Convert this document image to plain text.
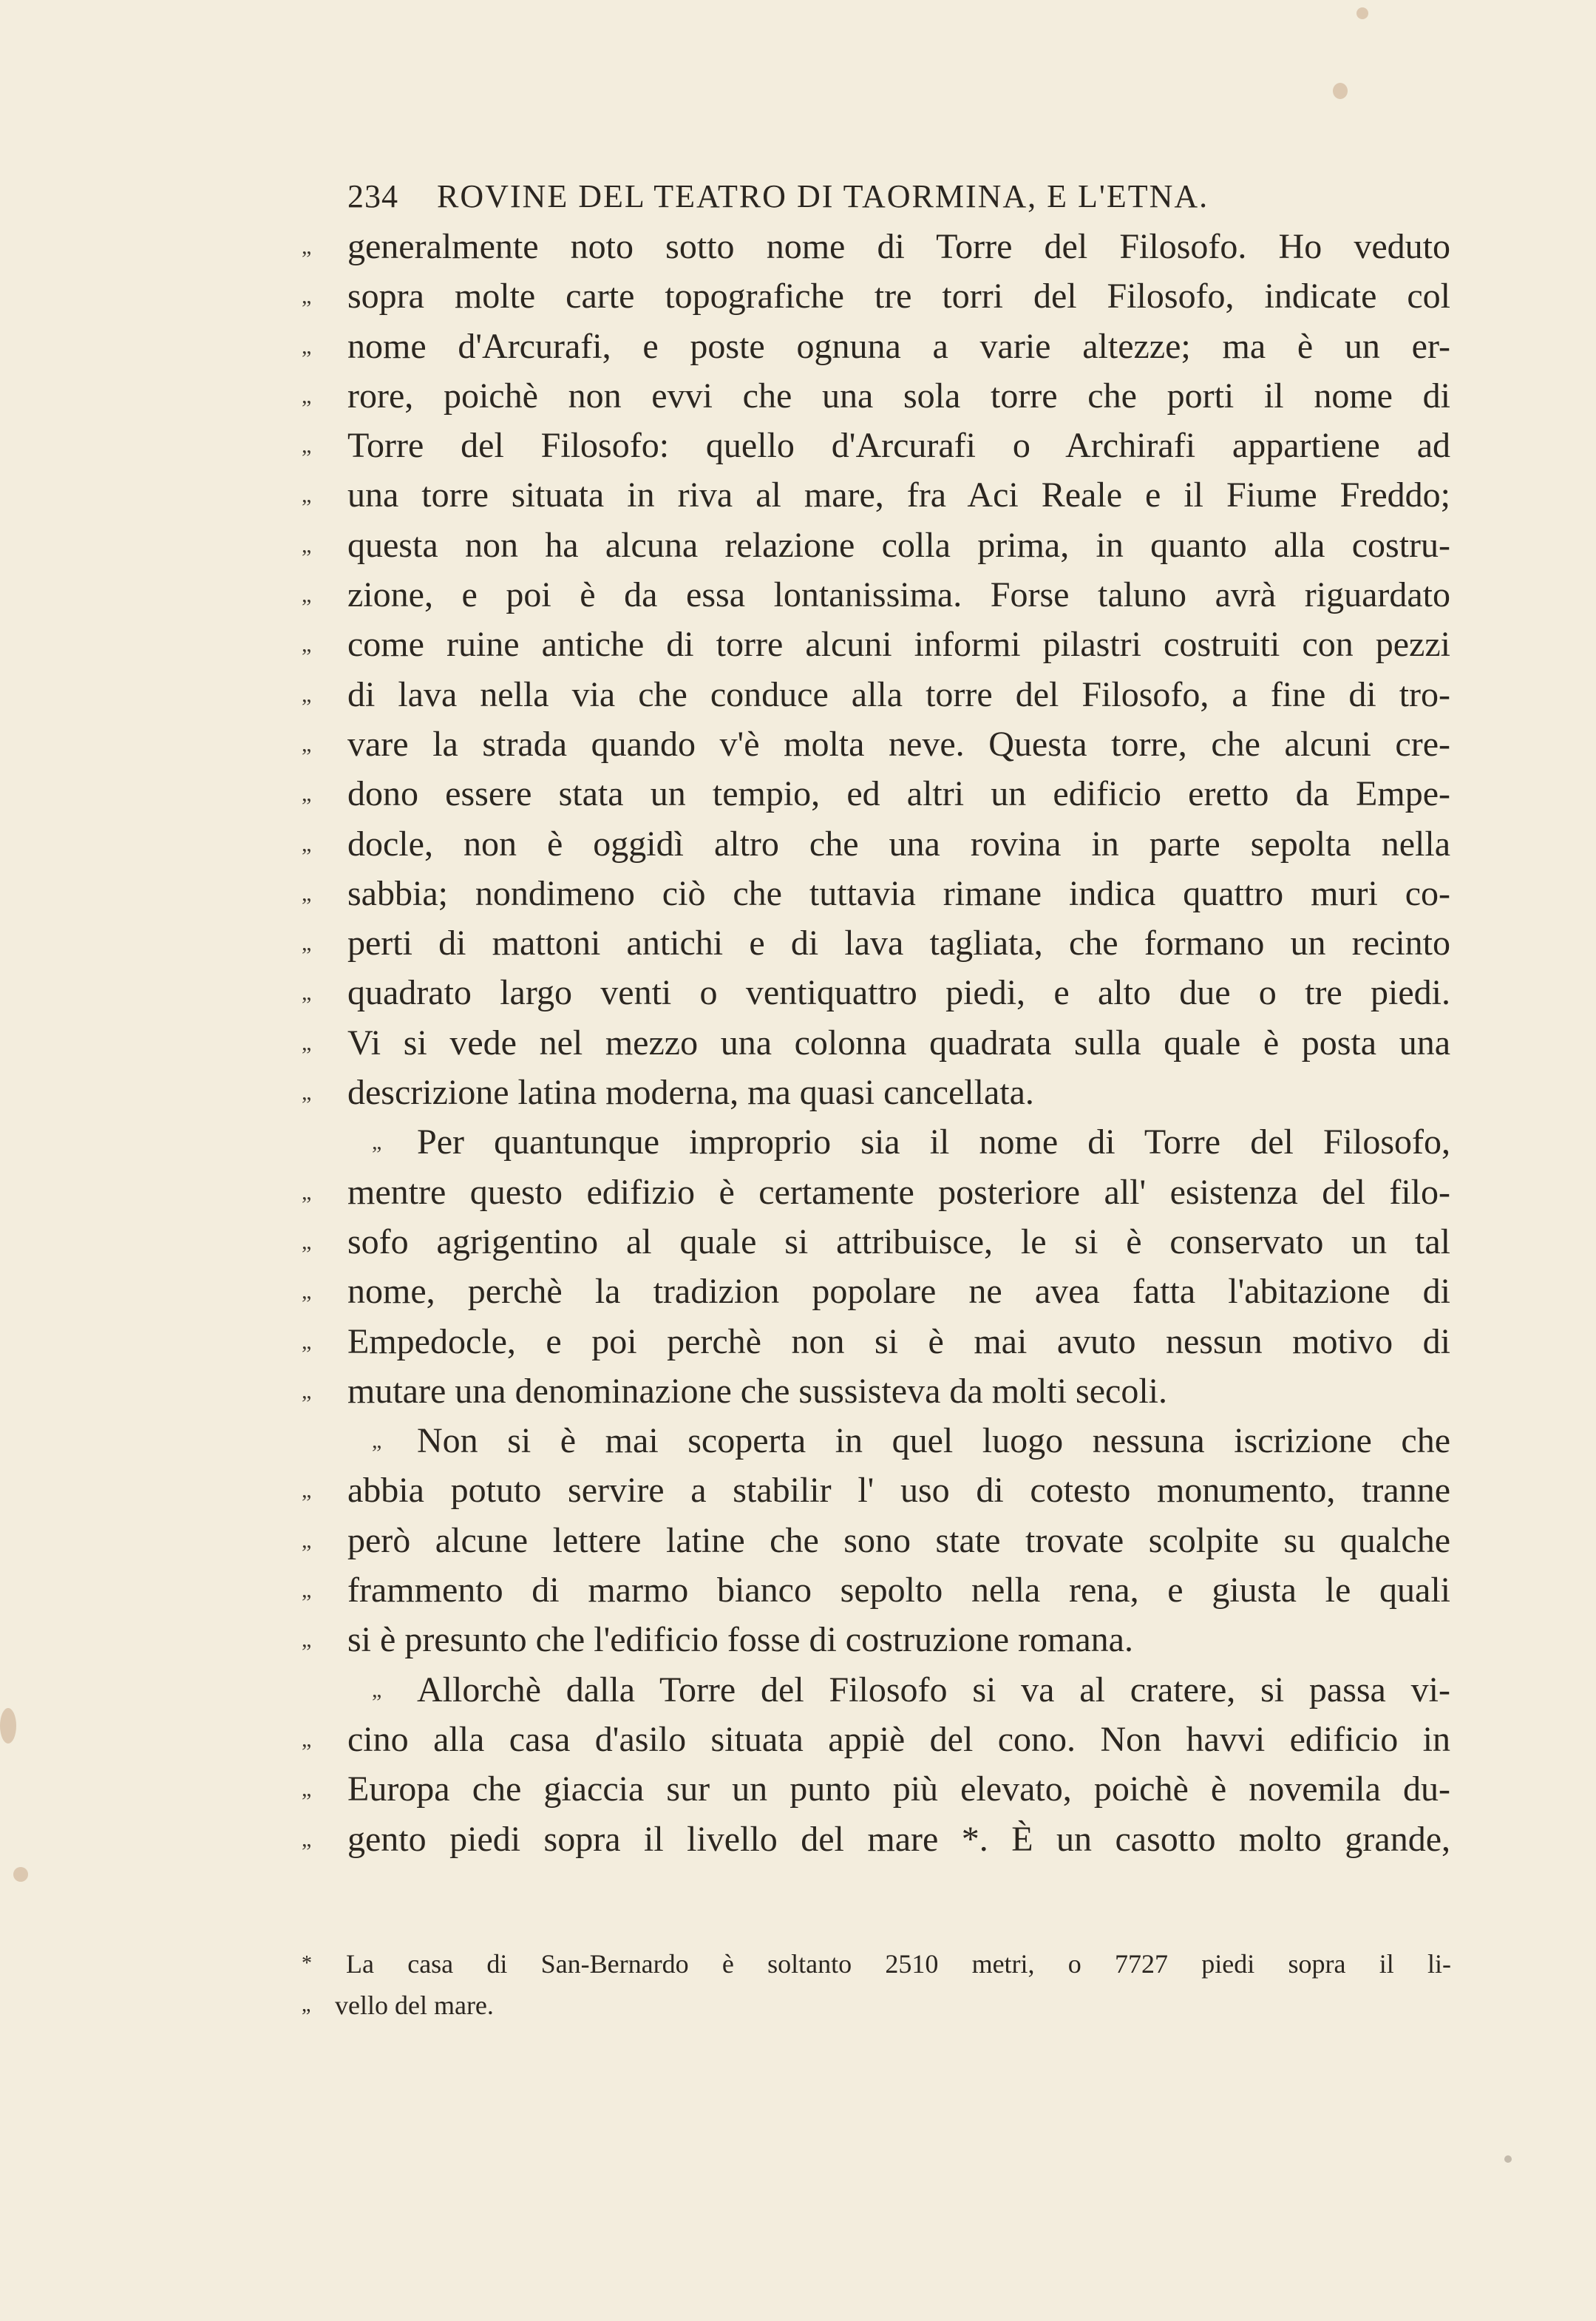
234 ROVINE DEL TEATRO DI TAORMINA, E L'ETNA.
„ generalmente noto sotto nome di Torre del Filosofo. Ho veduto
„ sopra molte carte topografiche tre torri del Filosofo, indicate col
„ nome d'Arcurafi, e poste ognuna a varie altezze; ma è un er-
„ rore, poichè non evvi che una sola torre che porti il nome di
„ Torre del Filosofo: quello d'Arcurafi o Archirafi appartiene ad
„ una torre situata in riva al mare, fra Aci Reale e il Fiume Freddo;
„ questa non ha alcuna relazione colla prima, in quanto alla costru-
„ zione, e poi è da essa lontanissima. Forse taluno avrà riguardato
„ come ruine antiche di torre alcuni informi pilastri costruiti con pezzi
„ di lava nella via che conduce alla torre del Filosofo, a fine di tro-
„ vare la strada quando v'è molta neve. Questa torre, che alcuni cre-
„ dono essere stata un tempio, ed altri un edificio eretto da Empe-
„ docle, non è oggidì altro che una rovina in parte sepolta nella
„ sabbia; nondimeno ciò che tuttavia rimane indica quattro muri co-
„ perti di mattoni antichi e di lava tagliata, che formano un recinto
„ quadrato largo venti o ventiquattro piedi, e alto due o tre piedi.
„ Vi si vede nel mezzo una colonna quadrata sulla quale è posta una
„ descrizione latina moderna, ma quasi cancellata.
„ Per quantunque improprio sia il nome di Torre del Filosofo,
„ mentre questo edifizio è certamente posteriore all' esistenza del filo-
„ sofo agrigentino al quale si attribuisce, le si è conservato un tal
„ nome, perchè la tradizion popolare ne avea fatta l'abitazione di
„ Empedocle, e poi perchè non si è mai avuto nessun motivo di
„ mutare una denominazione che sussisteva da molti secoli.
„ Non si è mai scoperta in quel luogo nessuna iscrizione che
„ abbia potuto servire a stabilir l' uso di cotesto monumento, tranne
„ però alcune lettere latine che sono state trovate scolpite su qualche
„ frammento di marmo bianco sepolto nella rena, e giusta le quali
„ si è presunto che l'edificio fosse di costruzione romana.
„ Allorchè dalla Torre del Filosofo si va al cratere, si passa vi-
„ cino alla casa d'asilo situata appiè del cono. Non havvi edificio in
„ Europa che giaccia sur un punto più elevato, poichè è novemila du-
„ gento piedi sopra il livello del mare *. È un casotto molto grande,
* La casa di San-Bernardo è soltanto 2510 metri, o 7727 piedi sopra il li-
„ vello del mare.
